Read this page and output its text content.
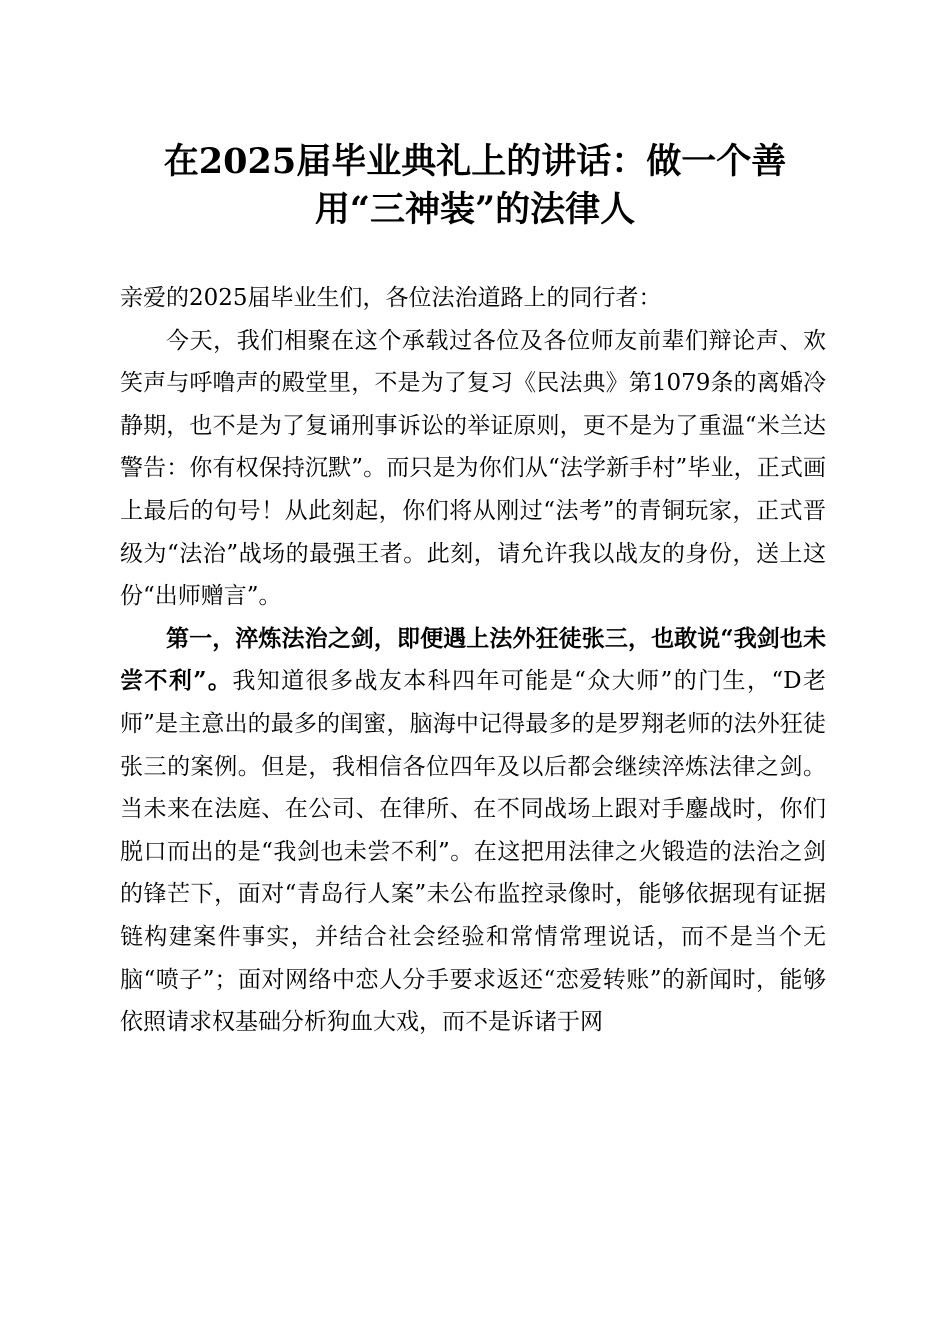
在2025届毕业典礼上的讲话：做一个善
用“三神装”的法律人

亲爱的2025届毕业生们，各位法治道路上的同行者：

今天，我们相聚在这个承载过各位及各位师友前辈们辩论声、欢笑声与呼噜声的殿堂里，不是为了复习《民法典》第1079条的离婚冷静期，也不是为了复诵刑事诉讼的举证原则，更不是为了重温“米兰达警告：你有权保持沉默”。而只是为你们从“法学新手村”毕业，正式画上最后的句号！从此刻起，你们将从刚过“法考”的青铜玩家，正式晋级为“法治”战场的最强王者。此刻，请允许我以战友的身份，送上这份“出师赠言”。

第一，淬炼法治之剑，即便遇上法外狂徒张三，也敢说“我剑也未尝不利”。我知道很多战友本科四年可能是“众大师”的门生，“D老师”是主意出的最多的闺蜜，脑海中记得最多的是罗翔老师的法外狂徒张三的案例。但是，我相信各位四年及以后都会继续淬炼法律之剑。当未来在法庭、在公司、在律所、在不同战场上跟对手鏖战时，你们脱口而出的是“我剑也未尝不利”。在这把用法律之火锻造的法治之剑的锋芒下，面对“青岛行人案”未公布监控录像时，能够依据现有证据链构建案件事实，并结合社会经验和常情常理说话，而不是当个无脑“喷子”；面对网络中恋人分手要求返还“恋爱转账”的新闻时，能够依照请求权基础分析狗血大戏，而不是诉诸于网
